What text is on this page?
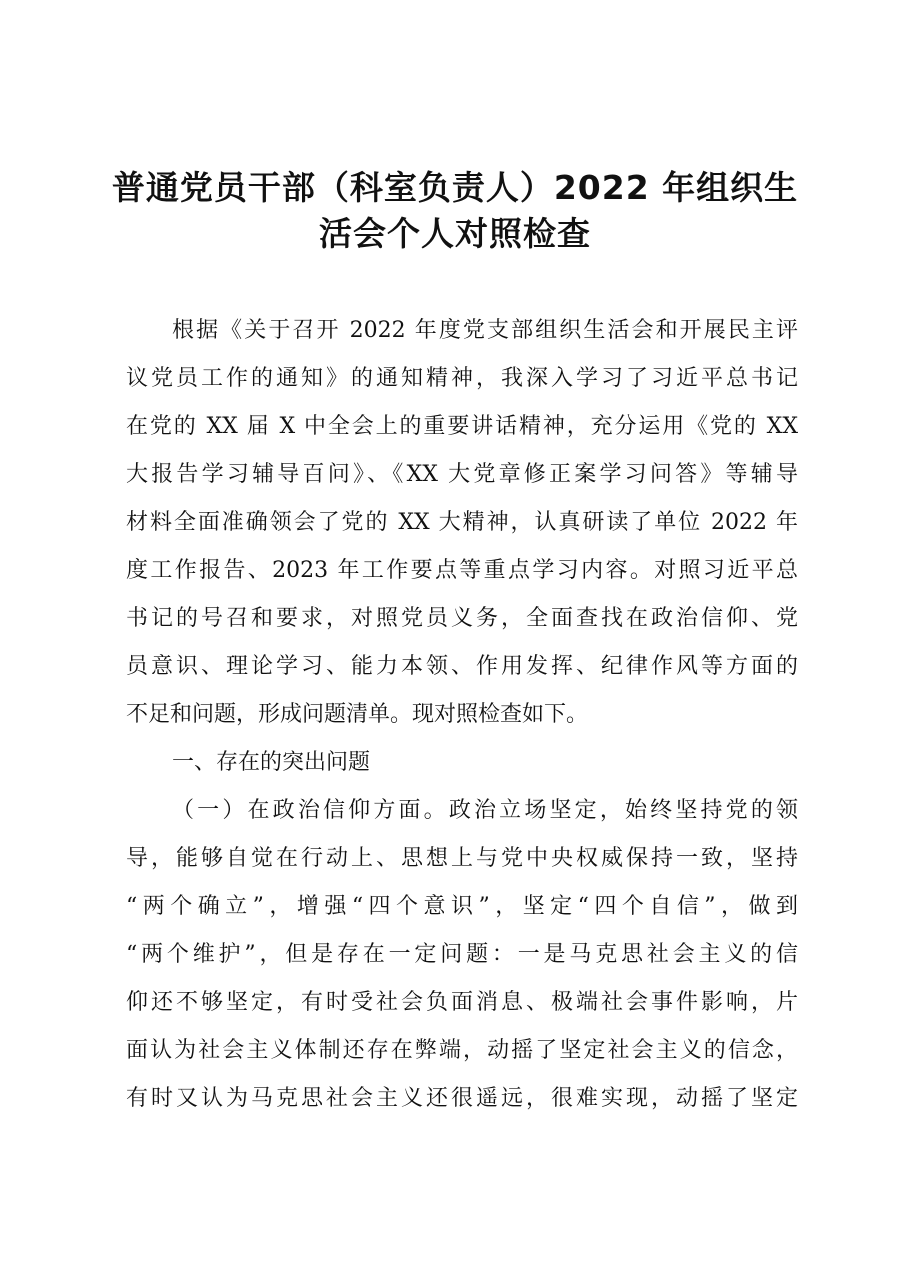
普通党员干部（科室负责人）2022 年组织生
活会个人对照检查
根据《关于召开 2022 年度党支部组织生活会和开展民主评
议党员工作的通知》的通知精神，我深入学习了习近平总书记
在党的 XX 届 X 中全会上的重要讲话精神，充分运用《党的 XX
大报告学习辅导百问》、《XX 大党章修正案学习问答》等辅导
材料全面准确领会了党的 XX 大精神，认真研读了单位 2022 年
度工作报告、2023 年工作要点等重点学习内容。对照习近平总
书记的号召和要求，对照党员义务，全面查找在政治信仰、党
员意识、理论学习、能力本领、作用发挥、纪律作风等方面的
不足和问题，形成问题清单。现对照检查如下。
一、存在的突出问题
（一）在政治信仰方面。政治立场坚定，始终坚持党的领
导，能够自觉在行动上、思想上与党中央权威保持一致，坚持
“两个确立”，增强“四个意识”，坚定“四个自信”，做到
“两个维护”，但是存在一定问题：一是马克思社会主义的信
仰还不够坚定，有时受社会负面消息、极端社会事件影响，片
面认为社会主义体制还存在弊端，动摇了坚定社会主义的信念，
有时又认为马克思社会主义还很遥远，很难实现，动摇了坚定
